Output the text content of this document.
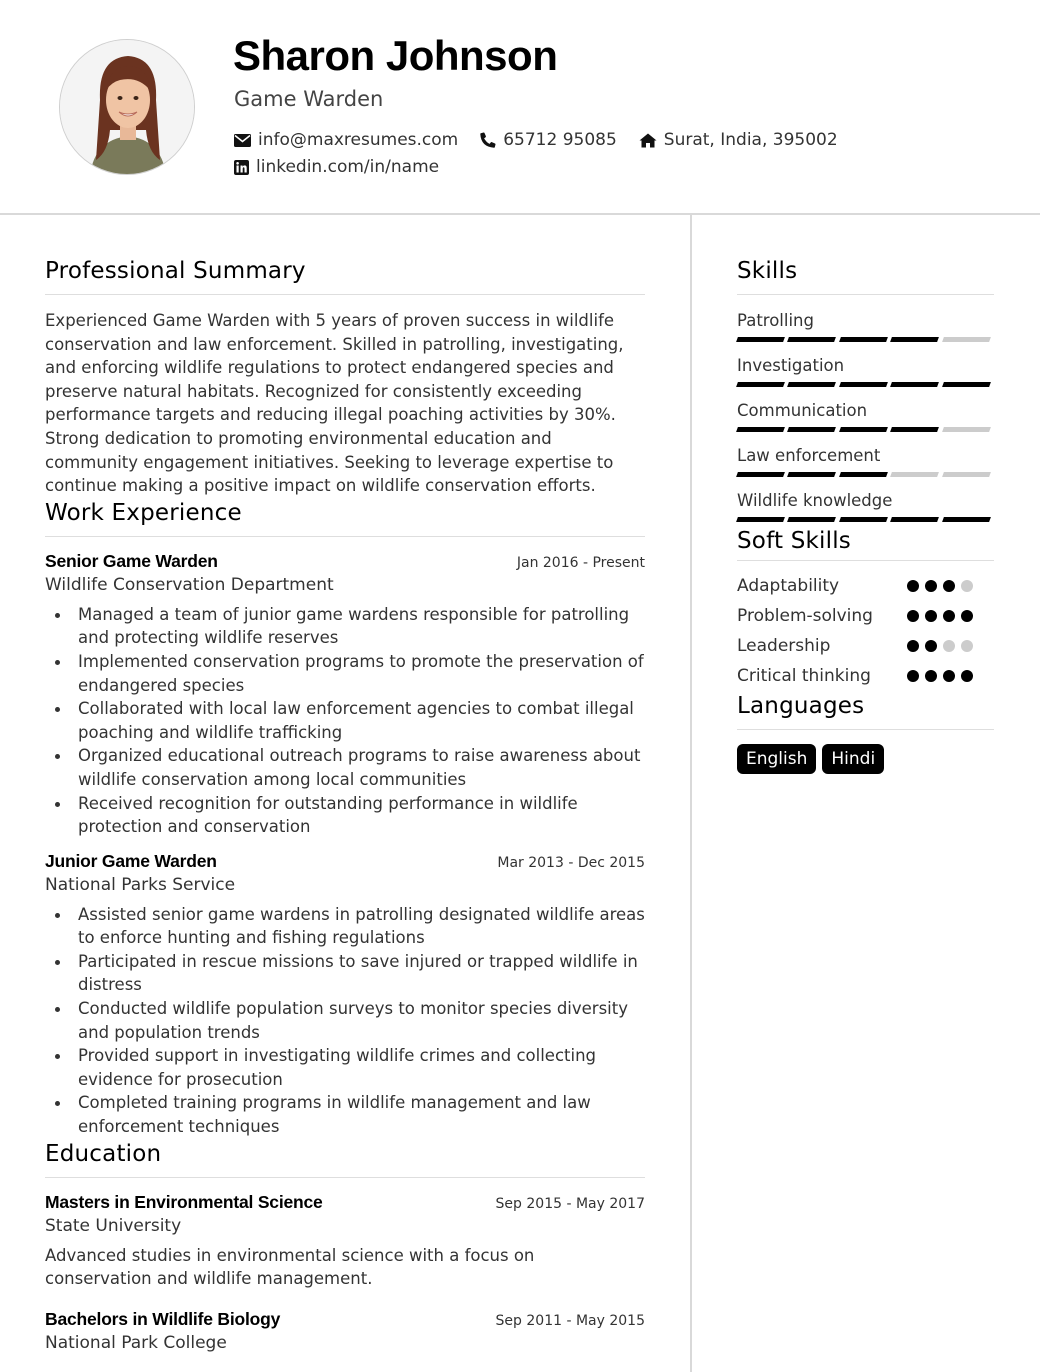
Sharon Johnson
Game Warden
info@maxresumes.com	65712 95085	Surat, India, 395002
linkedin.com/in/name
Professional Summary
Experienced Game Warden with 5 years of proven success in wildlife conservation and law enforcement. Skilled in patrolling, investigating, and enforcing wildlife regulations to protect endangered species and preserve natural habitats. Recognized for consistently exceeding performance targets and reducing illegal poaching activities by 30%. Strong dedication to promoting environmental education and community engagement initiatives. Seeking to leverage expertise to continue making a positive impact on wildlife conservation efforts.
Work Experience
Senior Game Warden	Jan 2016 - Present
Wildlife Conservation Department
Managed a team of junior game wardens responsible for patrolling and protecting wildlife reserves
Implemented conservation programs to promote the preservation of endangered species
Collaborated with local law enforcement agencies to combat illegal poaching and wildlife trafficking
Organized educational outreach programs to raise awareness about wildlife conservation among local communities
Received recognition for outstanding performance in wildlife protection and conservation
Junior Game Warden	Mar 2013 - Dec 2015
National Parks Service
Assisted senior game wardens in patrolling designated wildlife areas to enforce hunting and fishing regulations
Participated in rescue missions to save injured or trapped wildlife in distress
Conducted wildlife population surveys to monitor species diversity and population trends
Provided support in investigating wildlife crimes and collecting evidence for prosecution
Completed training programs in wildlife management and law enforcement techniques
Education
Masters in Environmental Science	Sep 2015 - May 2017
State University
Advanced studies in environmental science with a focus on conservation and wildlife management.
Bachelors in Wildlife Biology	Sep 2011 - May 2015
National Park College
Skills
Patrolling
Investigation
Communication
Law enforcement
Wildlife knowledge
Soft Skills
Adaptability
Problem-solving
Leadership
Critical thinking
Languages
English	Hindi
